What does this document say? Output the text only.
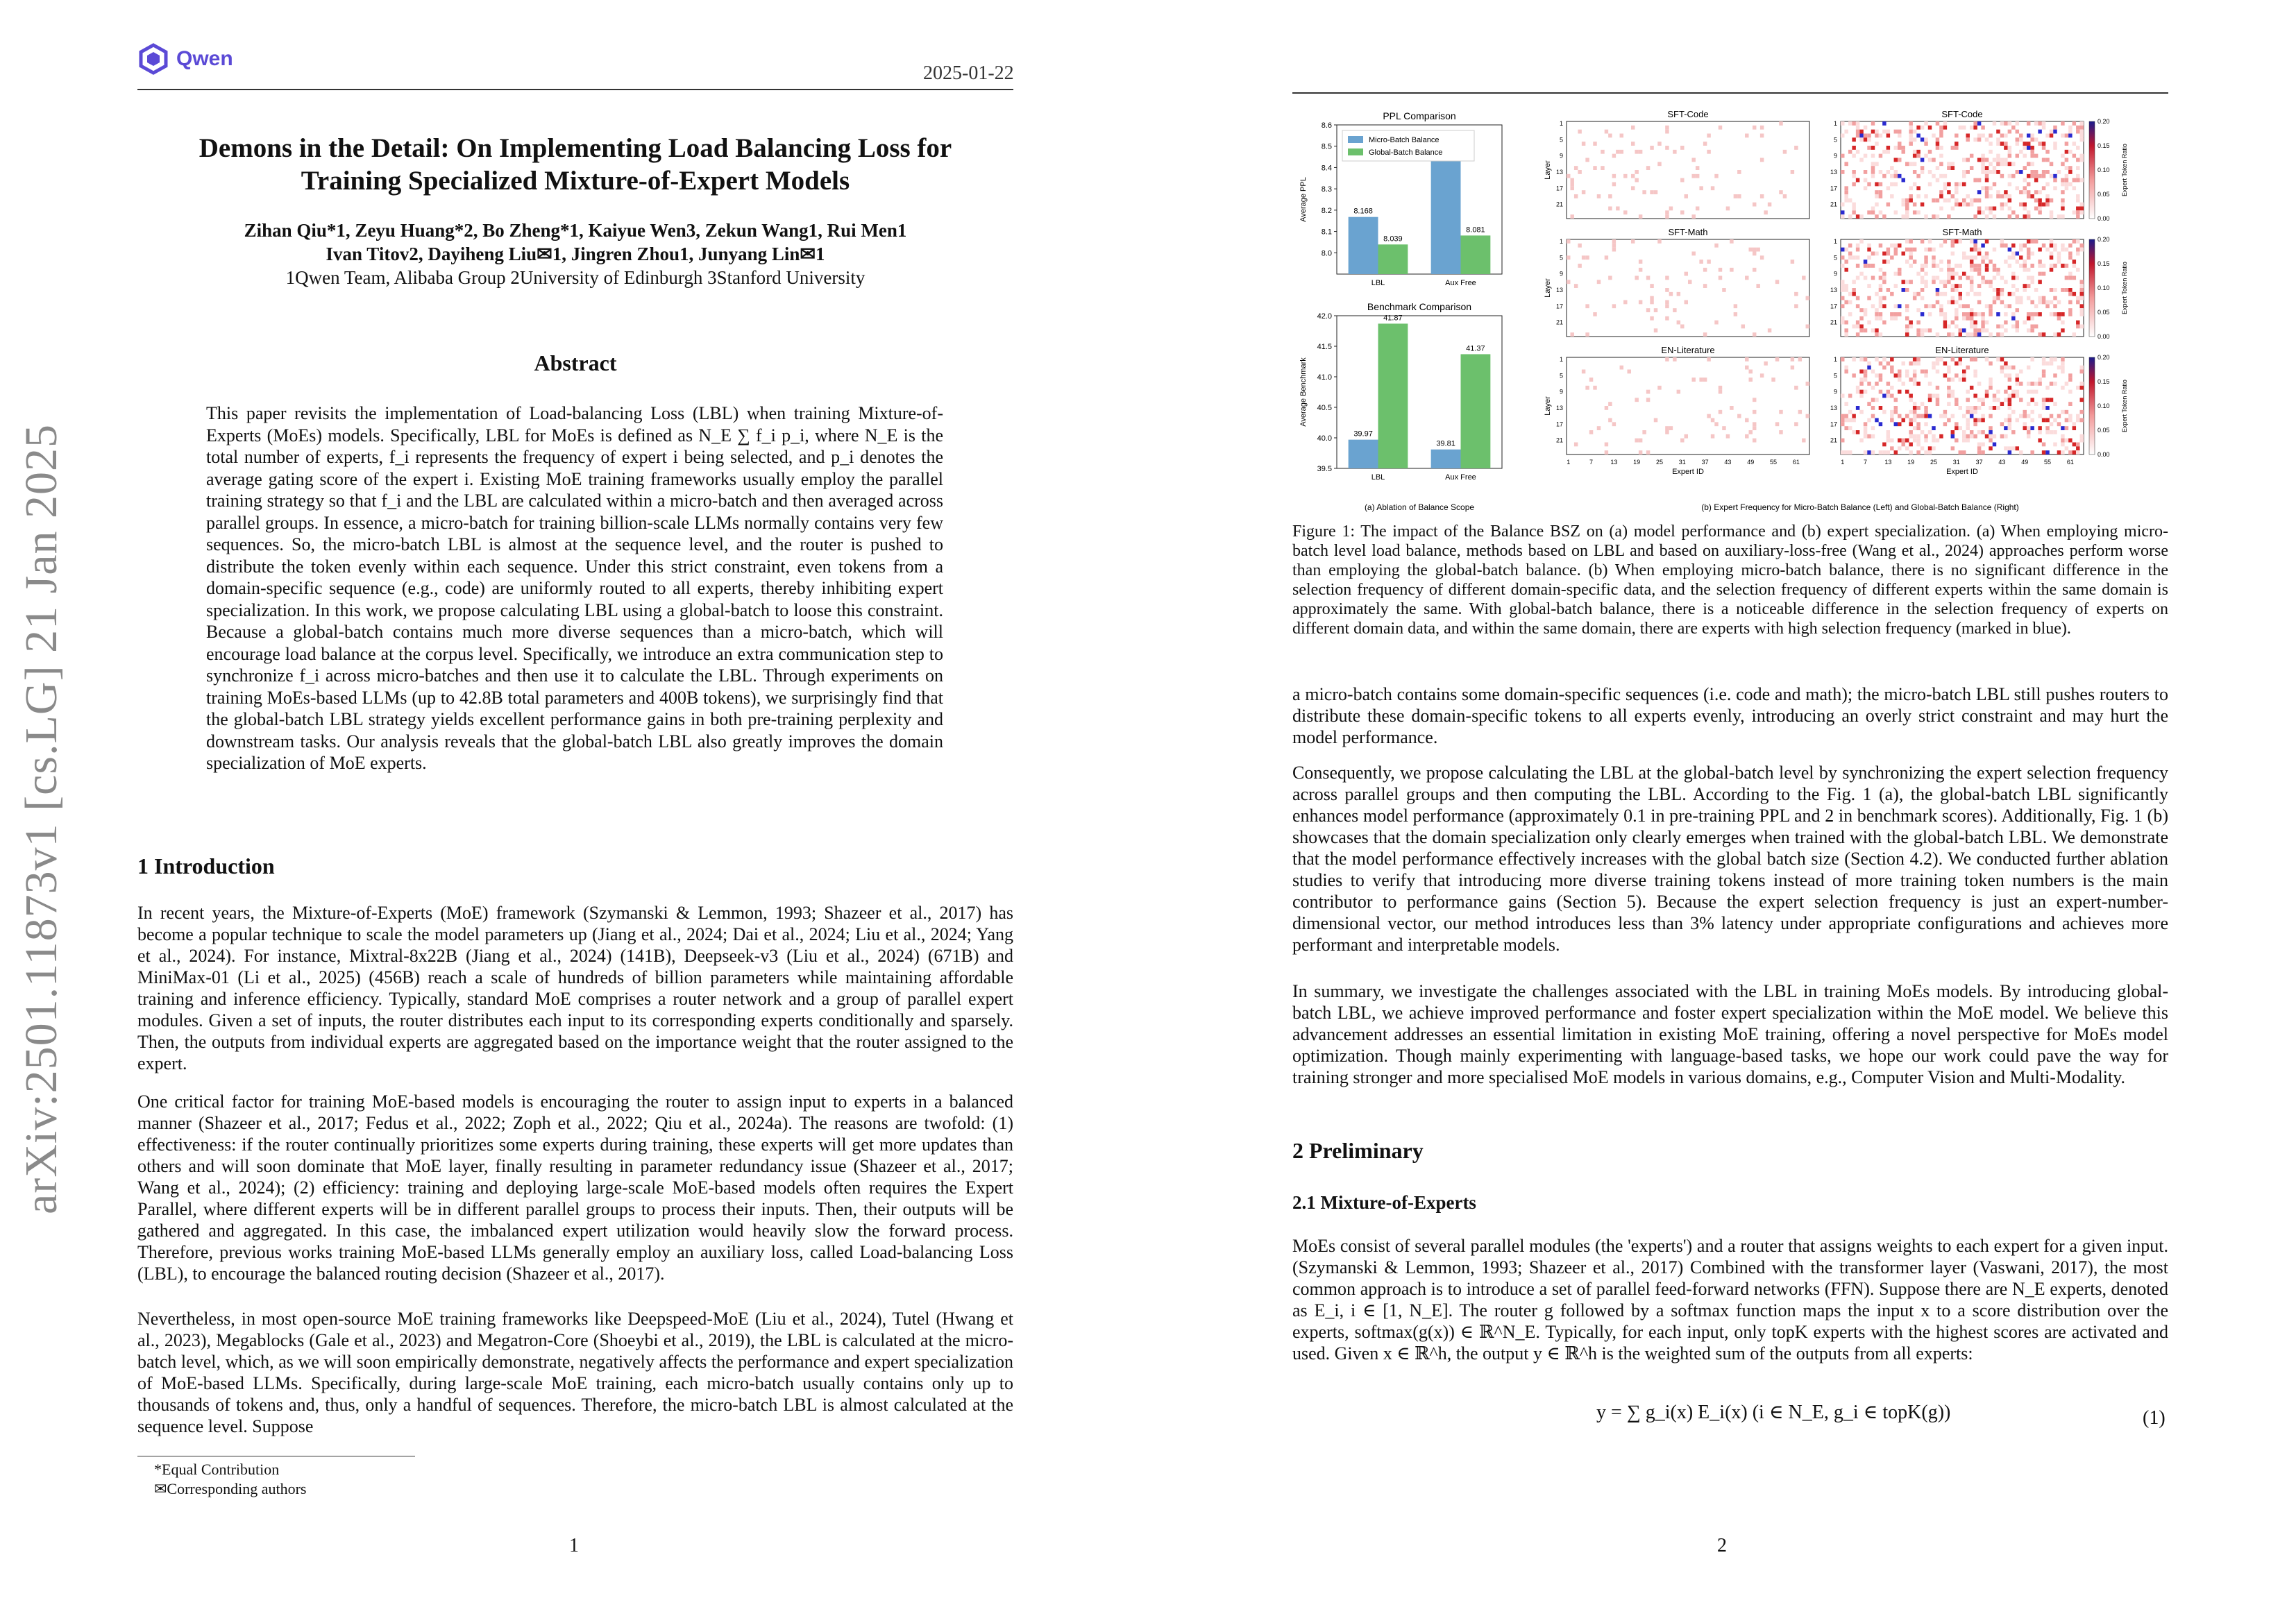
arXiv:2501.11873v1 [cs.LG] 21 Jan 2025
Qwen
2025-01-22
Demons in the Detail: On Implementing Load Balancing Loss for
Training Specialized Mixture-of-Expert Models
Zihan Qiu*1, Zeyu Huang*2, Bo Zheng*1, Kaiyue Wen3, Zekun Wang1, Rui Men1
Ivan Titov2, Dayiheng Liu✉1, Jingren Zhou1, Junyang Lin✉1
1Qwen Team, Alibaba Group 2University of Edinburgh 3Stanford University
Abstract
This paper revisits the implementation of Load-balancing Loss (LBL) when training Mixture-of-Experts (MoEs) models. Specifically, LBL for MoEs is defined as N_E ∑ f_i p_i, where N_E is the total number of experts, f_i represents the frequency of expert i being selected, and p_i denotes the average gating score of the expert i. Existing MoE training frameworks usually employ the parallel training strategy so that f_i and the LBL are calculated within a micro-batch and then averaged across parallel groups. In essence, a micro-batch for training billion-scale LLMs normally contains very few sequences. So, the micro-batch LBL is almost at the sequence level, and the router is pushed to distribute the token evenly within each sequence. Under this strict constraint, even tokens from a domain-specific sequence (e.g., code) are uniformly routed to all experts, thereby inhibiting expert specialization. In this work, we propose calculating LBL using a global-batch to loose this constraint. Because a global-batch contains much more diverse sequences than a micro-batch, which will encourage load balance at the corpus level. Specifically, we introduce an extra communication step to synchronize f_i across micro-batches and then use it to calculate the LBL. Through experiments on training MoEs-based LLMs (up to 42.8B total parameters and 400B tokens), we surprisingly find that the global-batch LBL strategy yields excellent performance gains in both pre-training perplexity and downstream tasks. Our analysis reveals that the global-batch LBL also greatly improves the domain specialization of MoE experts.
1 Introduction
In recent years, the Mixture-of-Experts (MoE) framework (Szymanski & Lemmon, 1993; Shazeer et al., 2017) has become a popular technique to scale the model parameters up (Jiang et al., 2024; Dai et al., 2024; Liu et al., 2024; Yang et al., 2024). For instance, Mixtral-8x22B (Jiang et al., 2024) (141B), Deepseek-v3 (Liu et al., 2024) (671B) and MiniMax-01 (Li et al., 2025) (456B) reach a scale of hundreds of billion parameters while maintaining affordable training and inference efficiency. Typically, standard MoE comprises a router network and a group of parallel expert modules. Given a set of inputs, the router distributes each input to its corresponding experts conditionally and sparsely. Then, the outputs from individual experts are aggregated based on the importance weight that the router assigned to the expert.
One critical factor for training MoE-based models is encouraging the router to assign input to experts in a balanced manner (Shazeer et al., 2017; Fedus et al., 2022; Zoph et al., 2022; Qiu et al., 2024a). The reasons are twofold: (1) effectiveness: if the router continually prioritizes some experts during training, these experts will get more updates than others and will soon dominate that MoE layer, finally resulting in parameter redundancy issue (Shazeer et al., 2017; Wang et al., 2024); (2) efficiency: training and deploying large-scale MoE-based models often requires the Expert Parallel, where different experts will be in different parallel groups to process their inputs. Then, their outputs will be gathered and aggregated. In this case, the imbalanced expert utilization would heavily slow the forward process. Therefore, previous works training MoE-based LLMs generally employ an auxiliary loss, called Load-balancing Loss (LBL), to encourage the balanced routing decision (Shazeer et al., 2017).
Nevertheless, in most open-source MoE training frameworks like Deepspeed-MoE (Liu et al., 2024), Tutel (Hwang et al., 2023), Megablocks (Gale et al., 2023) and Megatron-Core (Shoeybi et al., 2019), the LBL is calculated at the micro-batch level, which, as we will soon empirically demonstrate, negatively affects the performance and expert specialization of MoE-based LLMs. Specifically, during large-scale MoE training, each micro-batch usually contains only up to thousands of tokens and, thus, only a handful of sequences. Therefore, the micro-batch LBL is almost calculated at the sequence level. Suppose
*Equal Contribution
✉Corresponding authors
1
PPL Comparison
8.0
8.1
8.2
8.3
8.4
8.5
8.6
Average PPL
LBL
8.168
8.039
Aux Free
8.081
Micro-Batch Balance
Global-Batch Balance
Benchmark Comparison
39.5
40.0
40.5
41.0
41.5
42.0
Average Benchmark
LBL
39.97
41.87
Aux Free
39.81
41.37
SFT-Code
1
5
9
13
17
21
Layer
SFT-Code
1
5
9
13
17
21
0.20
0.15
0.10
0.05
0.00
Expert Token Ratio
SFT-Math
1
5
9
13
17
21
Layer
SFT-Math
1
5
9
13
17
21
0.20
0.15
0.10
0.05
0.00
Expert Token Ratio
EN-Literature
1
5
9
13
17
21
Layer
1	7	13	19	25	31	37	43	49	55	61
Expert ID
EN-Literature
1
5
9
13
17
21
1	7	13	19	25	31	37	43	49	55	61
Expert ID
0.20
0.15
0.10
0.05
0.00
Expert Token Ratio
(a) Ablation of Balance Scope	(b) Expert Frequency for Micro-Batch Balance (Left) and Global-Batch Balance (Right)
Figure 1: The impact of the Balance BSZ on (a) model performance and (b) expert specialization. (a) When employing micro-batch level load balance, methods based on LBL and based on auxiliary-loss-free (Wang et al., 2024) approaches perform worse than employing the global-batch balance. (b) When employing micro-batch balance, there is no significant difference in the selection frequency of different domain-specific data, and the selection frequency of different experts within the same domain is approximately the same. With global-batch balance, there is a noticeable difference in the selection frequency of experts on different domain data, and within the same domain, there are experts with high selection frequency (marked in blue).
a micro-batch contains some domain-specific sequences (i.e. code and math); the micro-batch LBL still pushes routers to distribute these domain-specific tokens to all experts evenly, introducing an overly strict constraint and may hurt the model performance.
Consequently, we propose calculating the LBL at the global-batch level by synchronizing the expert selection frequency across parallel groups and then computing the LBL. According to the Fig. 1 (a), the global-batch LBL significantly enhances model performance (approximately 0.1 in pre-training PPL and 2 in benchmark scores). Additionally, Fig. 1 (b) showcases that the domain specialization only clearly emerges when trained with the global-batch LBL. We demonstrate that the model performance effectively increases with the global batch size (Section 4.2). We conducted further ablation studies to verify that introducing more diverse training tokens instead of more training token numbers is the main contributor to performance gains (Section 5). Because the expert selection frequency is just an expert-number-dimensional vector, our method introduces less than 3% latency under appropriate configurations and achieves more performant and interpretable models.
In summary, we investigate the challenges associated with the LBL in training MoEs models. By introducing global-batch LBL, we achieve improved performance and foster expert specialization within the MoE model. We believe this advancement addresses an essential limitation in existing MoE training, offering a novel perspective for MoEs model optimization. Though mainly experimenting with language-based tasks, we hope our work could pave the way for training stronger and more specialised MoE models in various domains, e.g., Computer Vision and Multi-Modality.
2 Preliminary
2.1 Mixture-of-Experts
MoEs consist of several parallel modules (the 'experts') and a router that assigns weights to each expert for a given input. (Szymanski & Lemmon, 1993; Shazeer et al., 2017) Combined with the transformer layer (Vaswani, 2017), the most common approach is to introduce a set of parallel feed-forward networks (FFN). Suppose there are N_E experts, denoted as E_i, i ∈ [1, N_E]. The router g followed by a softmax function maps the input x to a score distribution over the experts, softmax(g(x)) ∈ ℝ^N_E. Typically, for each input, only topK experts with the highest scores are activated and used. Given x ∈ ℝ^h, the output y ∈ ℝ^h is the weighted sum of the outputs from all experts:
y = ∑ g_i(x) E_i(x) (i ∈ N_E, g_i ∈ topK(g))	(1)
2
